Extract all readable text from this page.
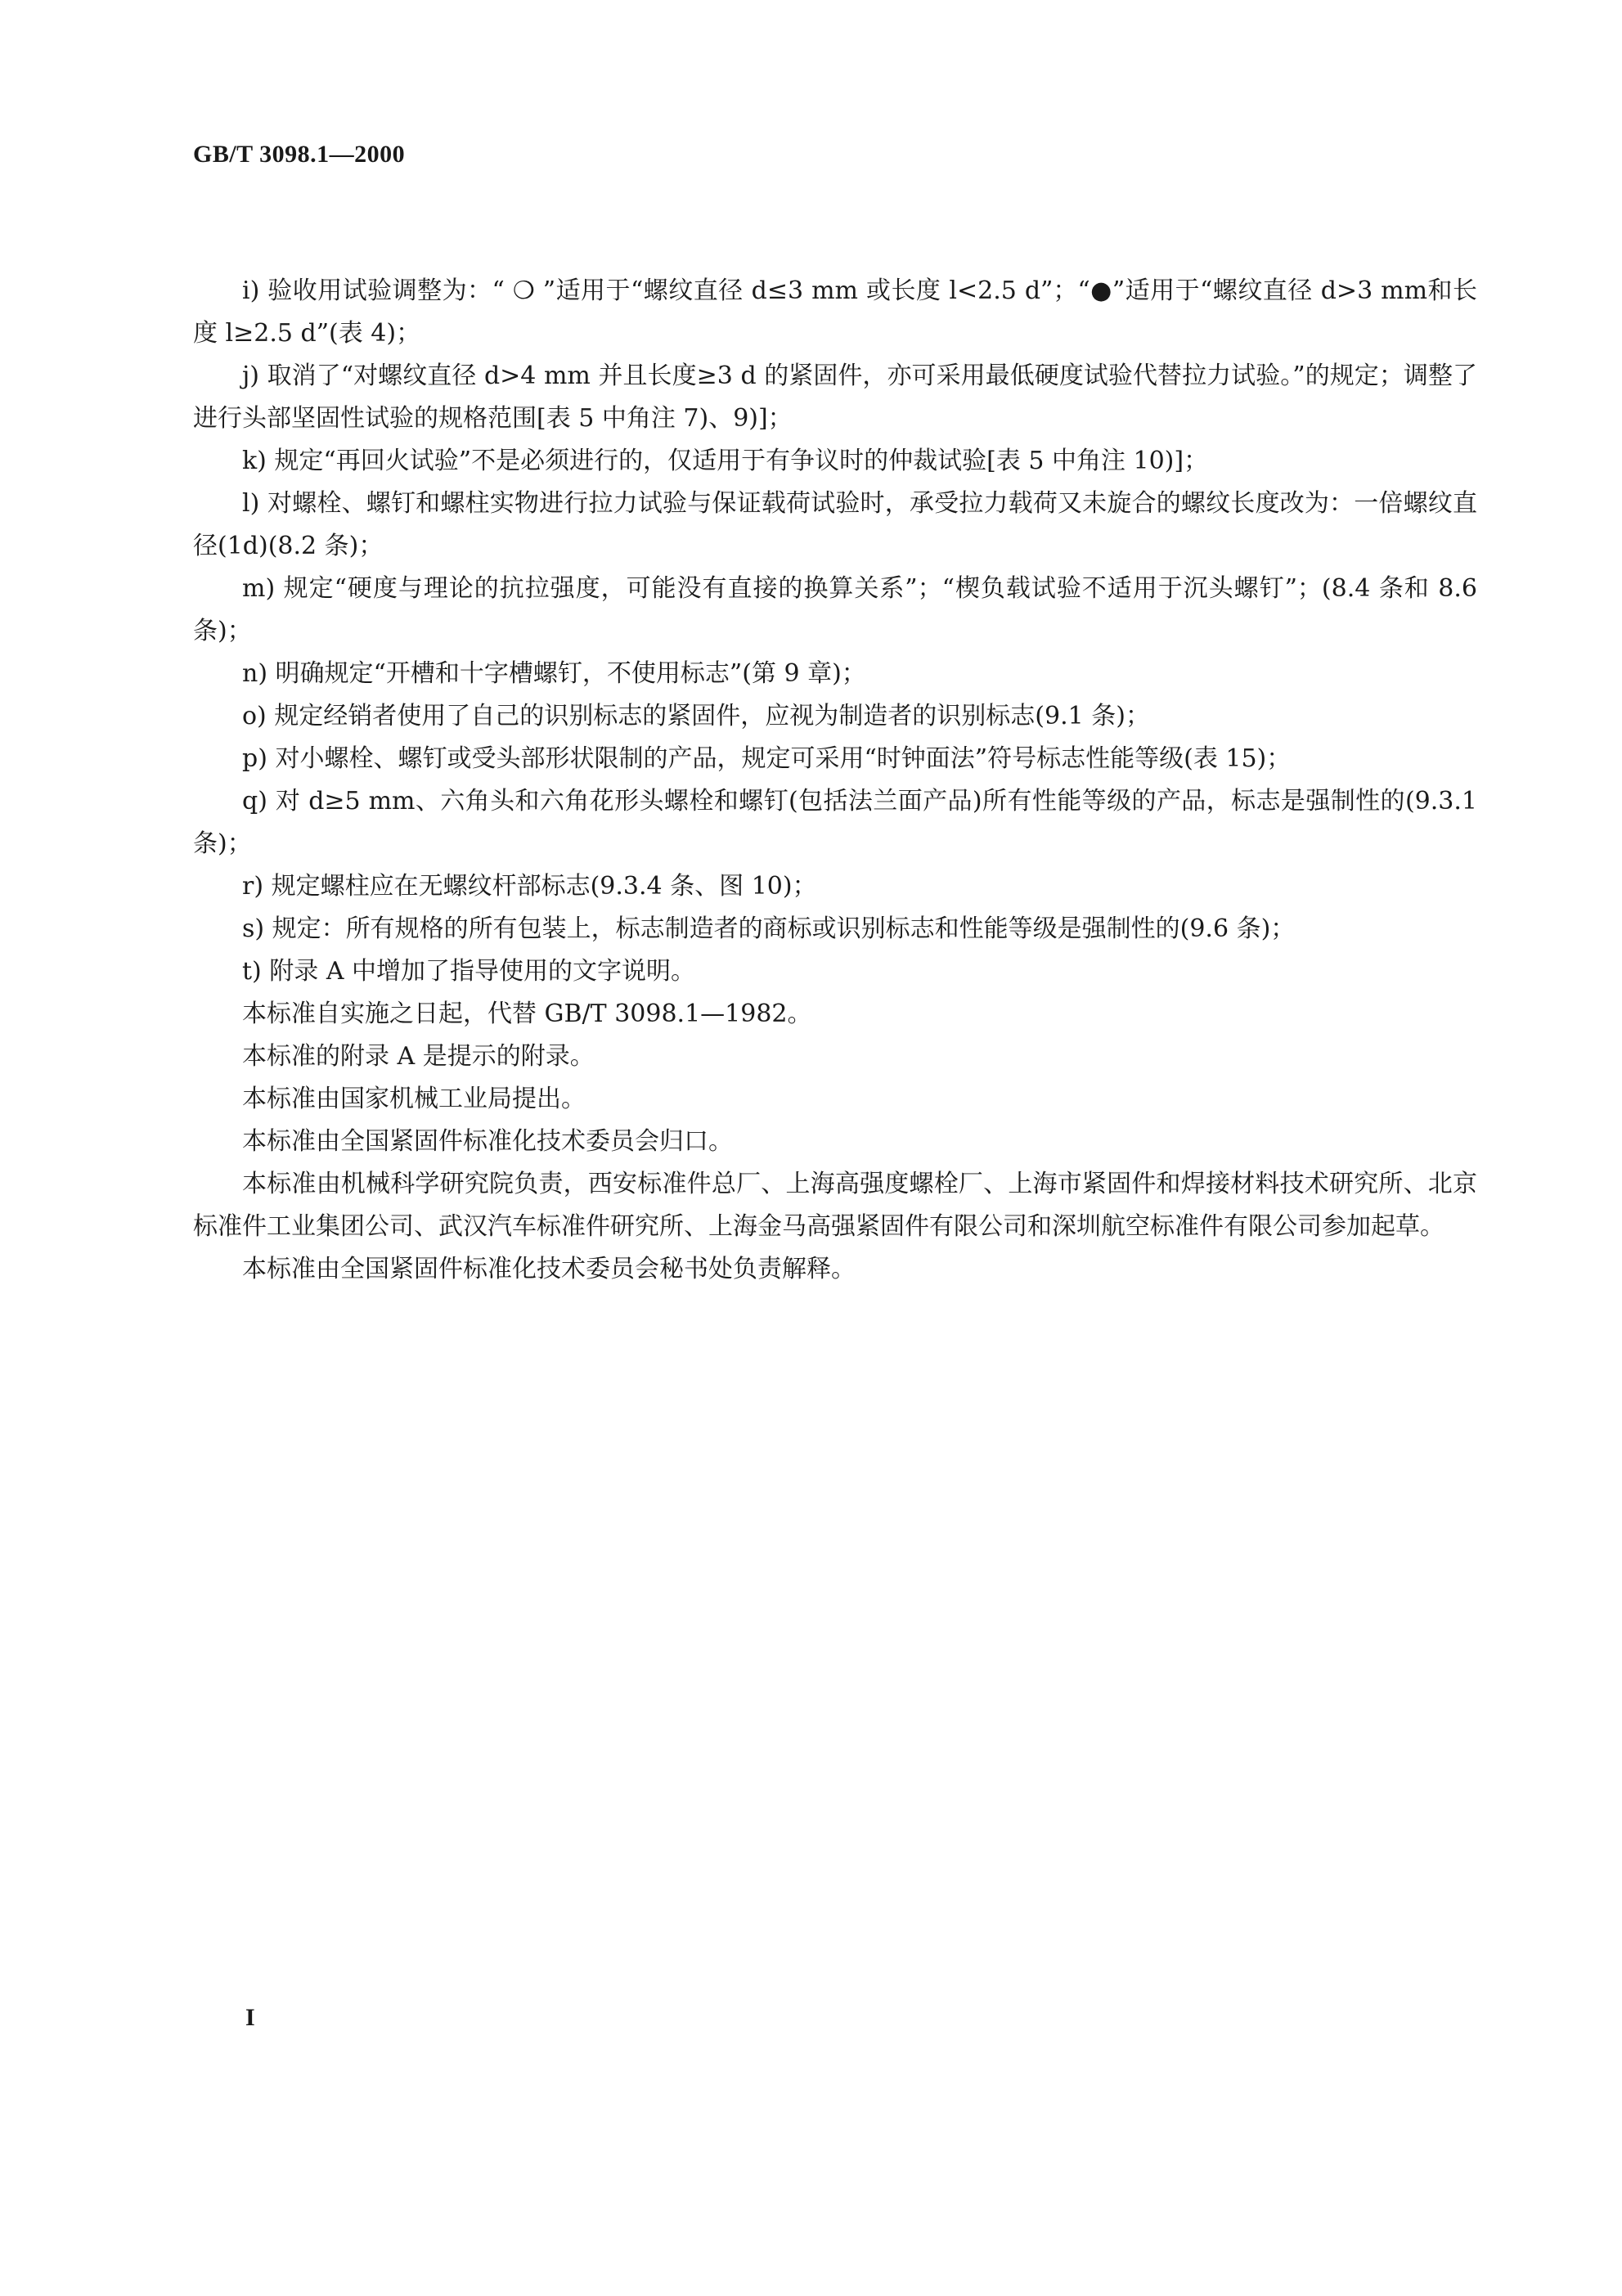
GB/T 3098.1—2000

i) 验收用试验调整为：“ ❍ ”适用于“螺纹直径 d≤3 mm 或长度 l<2.5 d”；“●”适用于“螺纹直径 d>3 mm和长度 l≥2.5 d”(表 4)；

j) 取消了“对螺纹直径 d>4 mm 并且长度≥3 d 的紧固件，亦可采用最低硬度试验代替拉力试验。”的规定；调整了进行头部坚固性试验的规格范围[表 5 中角注 7)、9)]；

k) 规定“再回火试验”不是必须进行的，仅适用于有争议时的仲裁试验[表 5 中角注 10)]；

l) 对螺栓、螺钉和螺柱实物进行拉力试验与保证载荷试验时，承受拉力载荷又未旋合的螺纹长度改为：一倍螺纹直径(1d)(8.2 条)；

m) 规定“硬度与理论的抗拉强度，可能没有直接的换算关系”；“楔负载试验不适用于沉头螺钉”；(8.4 条和 8.6 条)；

n) 明确规定“开槽和十字槽螺钉，不使用标志”(第 9 章)；

o) 规定经销者使用了自己的识别标志的紧固件，应视为制造者的识别标志(9.1 条)；

p) 对小螺栓、螺钉或受头部形状限制的产品，规定可采用“时钟面法”符号标志性能等级(表 15)；

q) 对 d≥5 mm、六角头和六角花形头螺栓和螺钉(包括法兰面产品)所有性能等级的产品，标志是强制性的(9.3.1 条)；

r) 规定螺柱应在无螺纹杆部标志(9.3.4 条、图 10)；

s) 规定：所有规格的所有包装上，标志制造者的商标或识别标志和性能等级是强制性的(9.6 条)；

t) 附录 A 中增加了指导使用的文字说明。

本标准自实施之日起，代替 GB/T 3098.1—1982。

本标准的附录 A 是提示的附录。

本标准由国家机械工业局提出。

本标准由全国紧固件标准化技术委员会归口。

本标准由机械科学研究院负责，西安标准件总厂、上海高强度螺栓厂、上海市紧固件和焊接材料技术研究所、北京标准件工业集团公司、武汉汽车标准件研究所、上海金马高强紧固件有限公司和深圳航空标准件有限公司参加起草。

本标准由全国紧固件标准化技术委员会秘书处负责解释。

I
